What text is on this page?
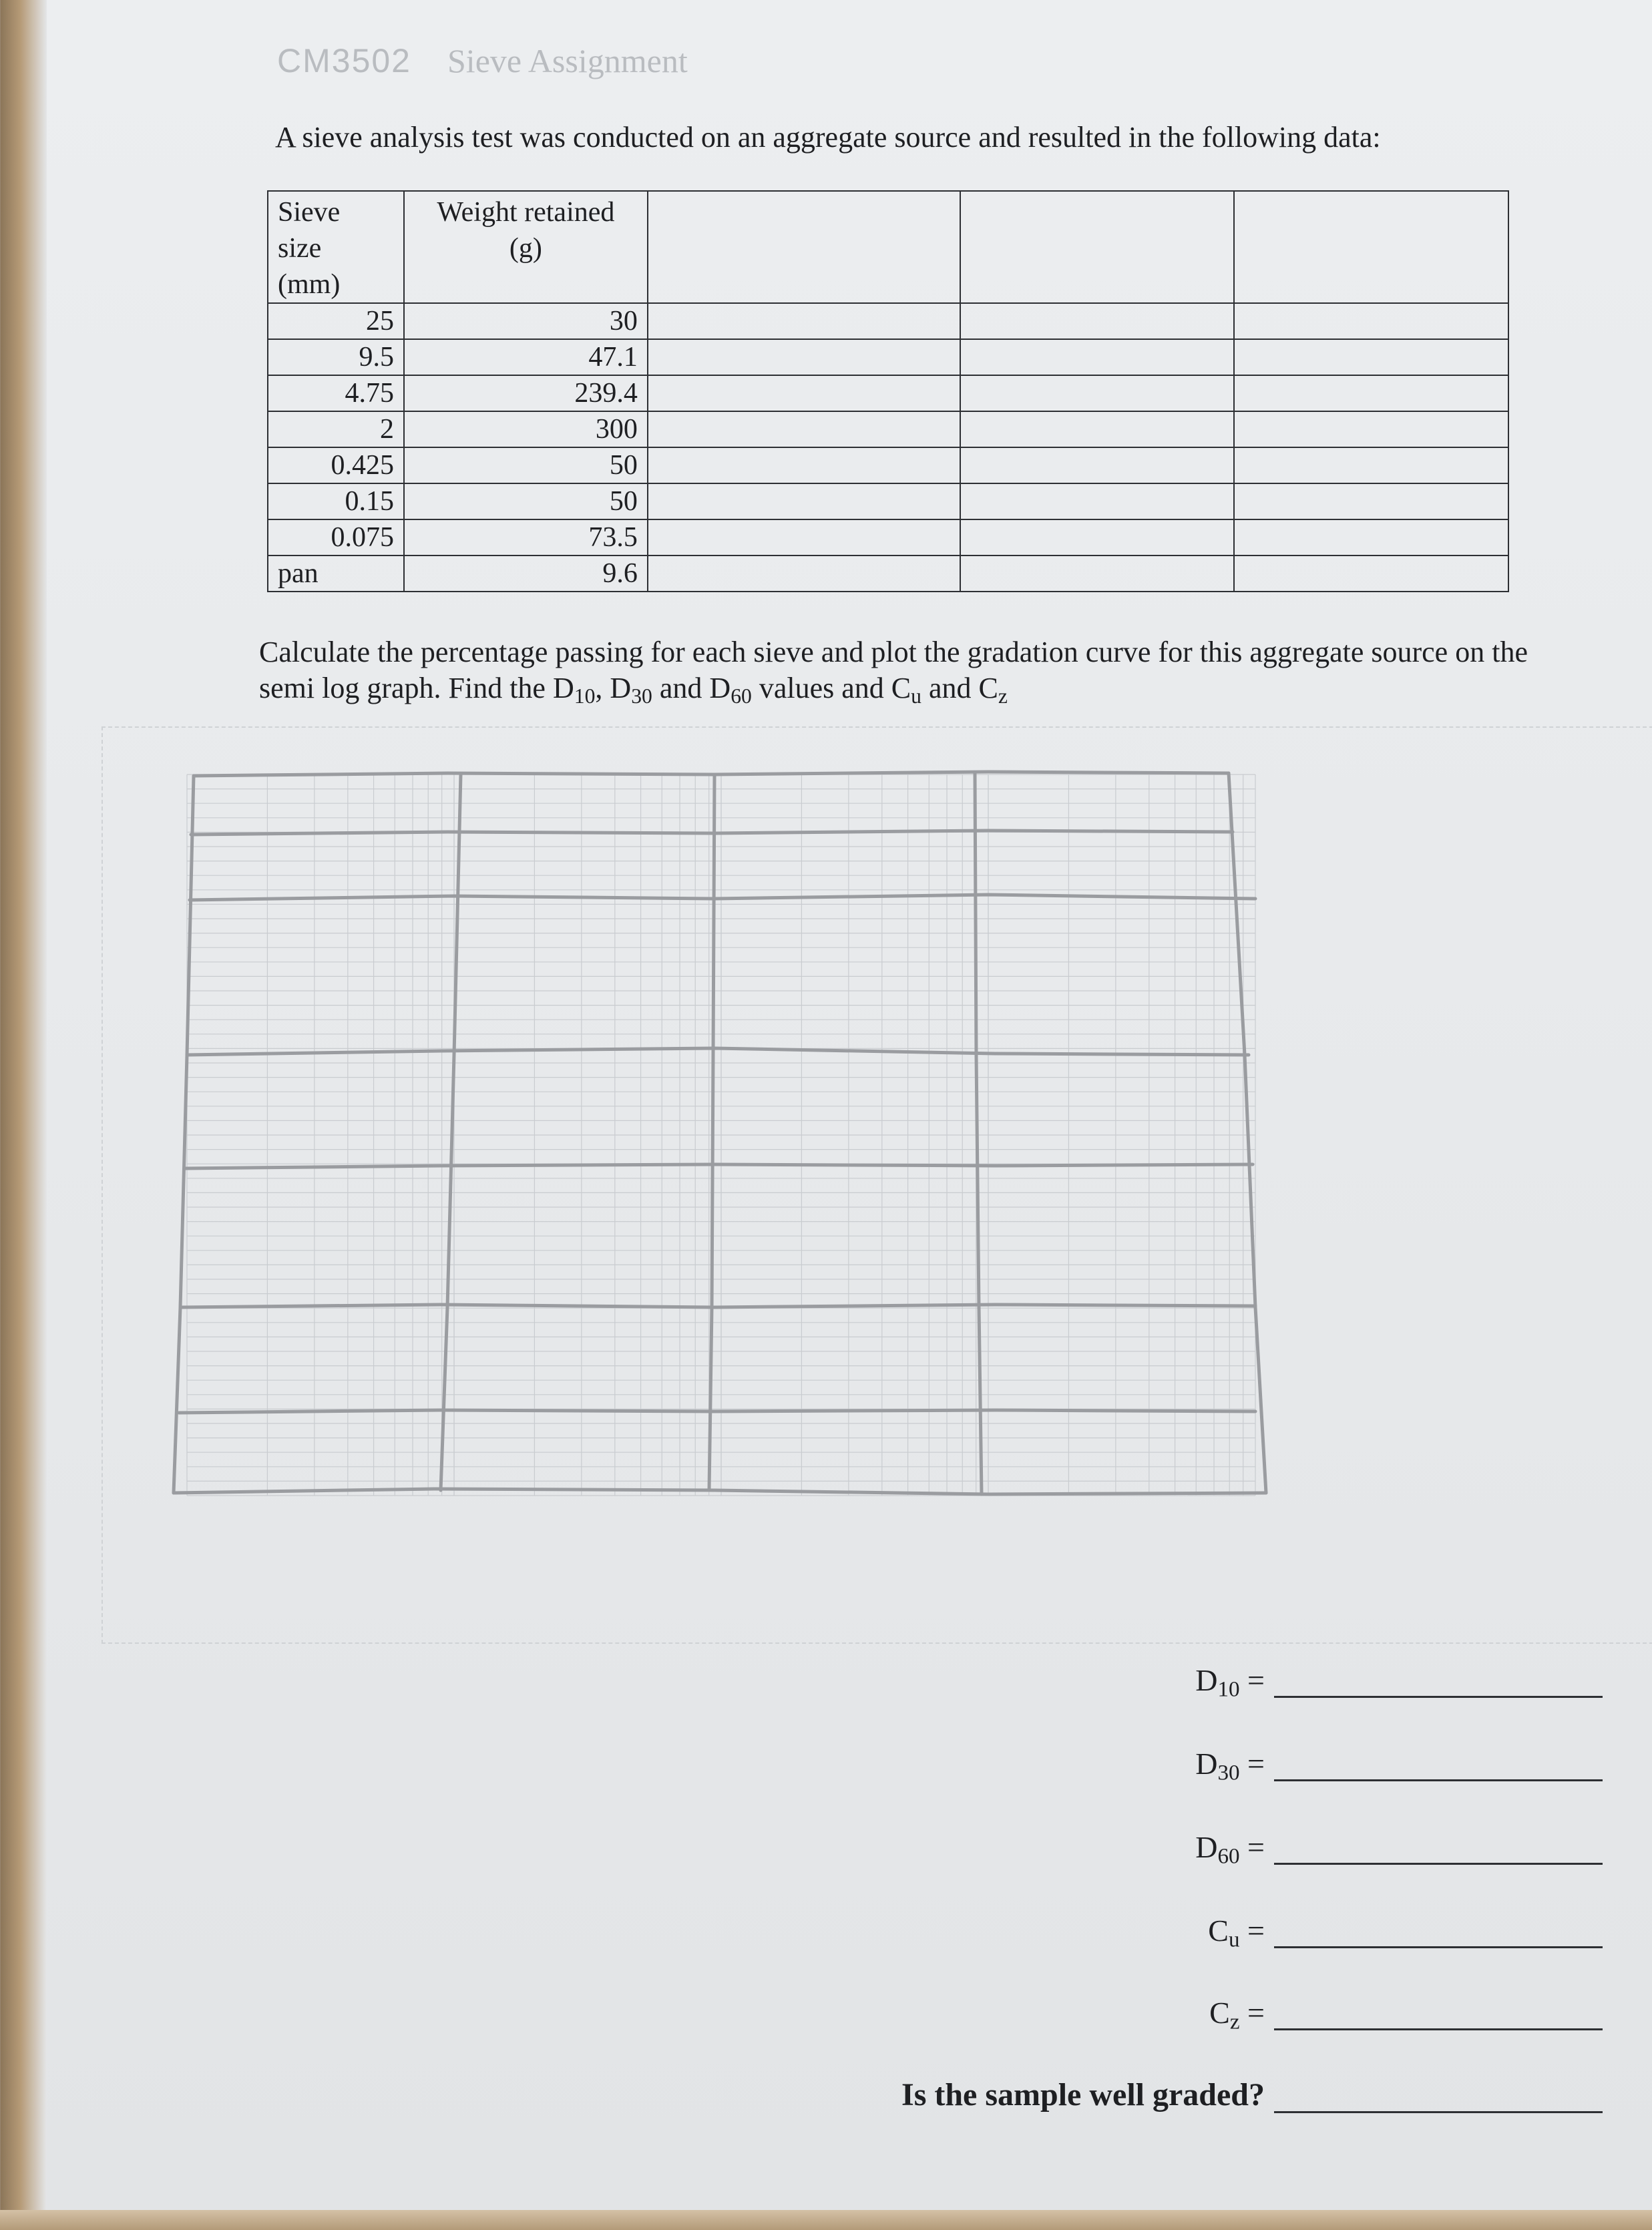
CM3502 Sieve Assignment
A sieve analysis test was conducted on an aggregate source and resulted in the following data:
Sieve
size
(mm)	Weight retained
(g)			
25	30			
9.5	47.1			
4.75	239.4			
2	300			
0.425	50			
0.15	50			
0.075	73.5			
pan	9.6			
Calculate the percentage passing for each sieve and plot the gradation curve for this aggregate source on the semi log graph. Find the $D_{10}$, $D_{30}$ and $D_{60}$ values and $C_u$ and $C_z$
$D_{10}$ =
$D_{30}$ =
$D_{60}$ =
$C_u$ =
$C_z$ =
Is the sample well graded?
